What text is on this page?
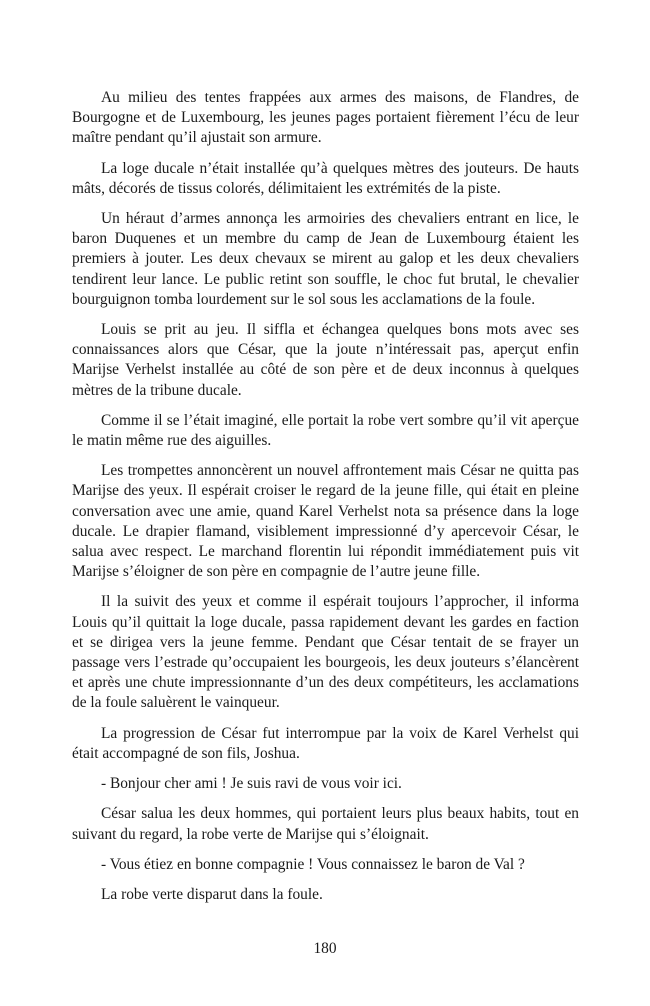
Au milieu des tentes frappées aux armes des maisons, de Flandres, de Bourgogne et de Luxembourg, les jeunes pages portaient fièrement l’écu de leur maître pendant qu’il ajustait son armure.

La loge ducale n’était installée qu’à quelques mètres des jouteurs. De hauts mâts, décorés de tissus colorés, délimitaient les extrémités de la piste.

Un héraut d’armes annonça les armoiries des chevaliers entrant en lice, le baron Duquenes et un membre du camp de Jean de Luxembourg étaient les premiers à jouter. Les deux chevaux se mirent au galop et les deux chevaliers tendirent leur lance. Le public retint son souffle, le choc fut brutal, le chevalier bourguignon tomba lourdement sur le sol sous les acclamations de la foule.

Louis se prit au jeu. Il siffla et échangea quelques bons mots avec ses connaissances alors que César, que la joute n’intéressait pas, aperçut enfin Marijse Verhelst installée au côté de son père et de deux inconnus à quelques mètres de la tribune ducale.

Comme il se l’était imaginé, elle portait la robe vert sombre qu’il vit aperçue le matin même rue des aiguilles.

Les trompettes annoncèrent un nouvel affrontement mais César ne quitta pas Marijse des yeux. Il espérait croiser le regard de la jeune fille, qui était en pleine conversation avec une amie, quand Karel Verhelst nota sa présence dans la loge ducale. Le drapier flamand, visiblement impressionné d’y apercevoir César, le salua avec respect. Le marchand florentin lui répondit immédiatement puis vit Marijse s’éloigner de son père en compagnie de l’autre jeune fille.

Il la suivit des yeux et comme il espérait toujours l’approcher, il informa Louis qu’il quittait la loge ducale, passa rapidement devant les gardes en faction et se dirigea vers la jeune femme. Pendant que César tentait de se frayer un passage vers l’estrade qu’occupaient les bourgeois, les deux jouteurs s’élancèrent et après une chute impressionnante d’un des deux compétiteurs, les acclamations de la foule saluèrent le vainqueur.

La progression de César fut interrompue par la voix de Karel Verhelst qui était accompagné de son fils, Joshua.

- Bonjour cher ami ! Je suis ravi de vous voir ici.

César salua les deux hommes, qui portaient leurs plus beaux habits, tout en suivant du regard, la robe verte de Marijse qui s’éloignait.

- Vous étiez en bonne compagnie ! Vous connaissez le baron de Val ?

La robe verte disparut dans la foule.

180
